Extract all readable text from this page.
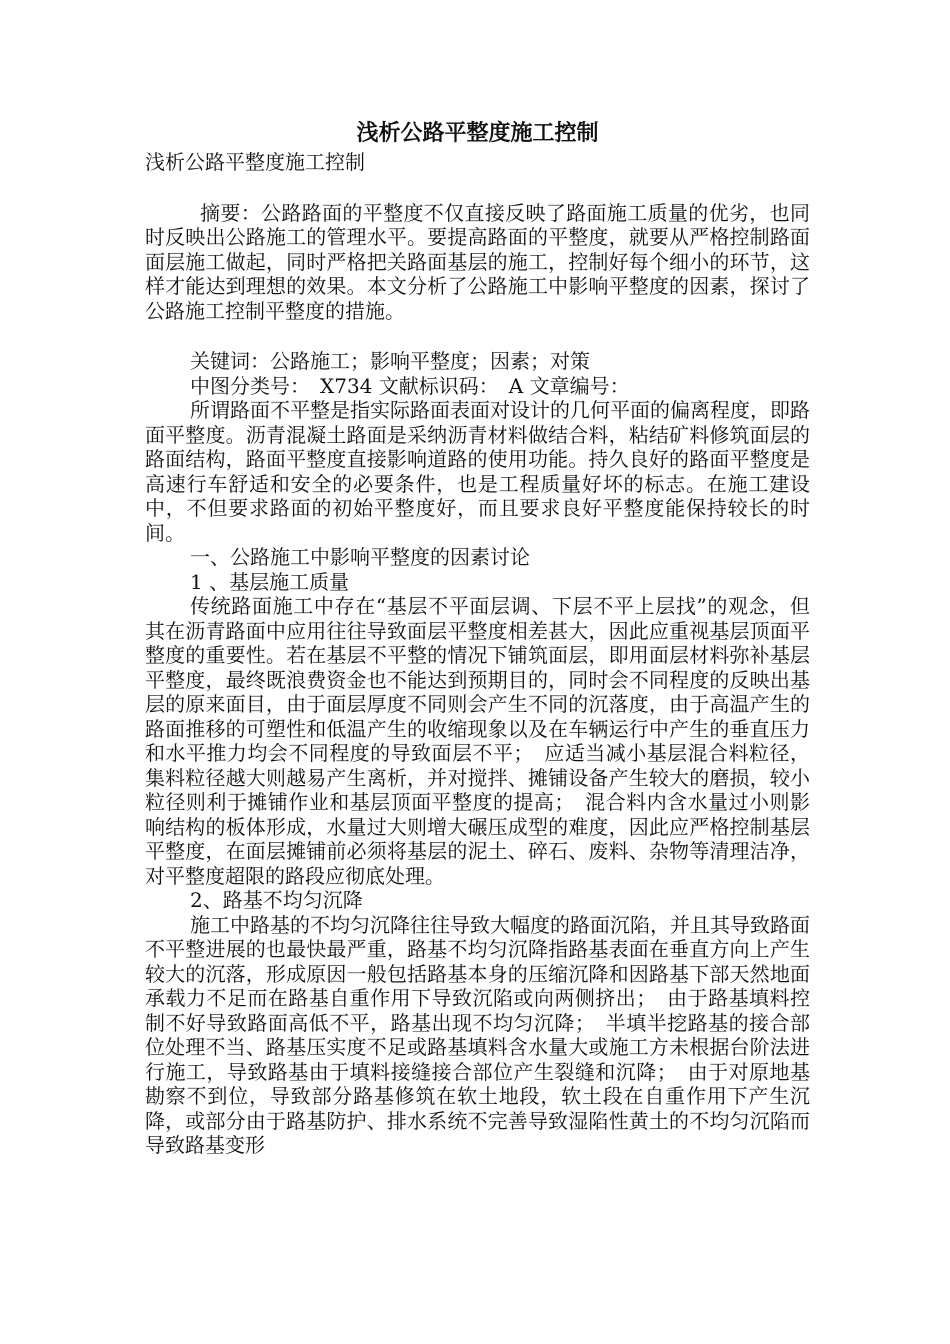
浅析公路平整度施工控制

浅析公路平整度施工控制

摘要：公路路面的平整度不仅直接反映了路面施工质量的优劣，也同时反映出公路施工的管理水平。要提高路面的平整度，就要从严格控制路面面层施工做起，同时严格把关路面基层的施工，控制好每个细小的环节，这样才能达到理想的效果。本文分析了公路施工中影响平整度的因素，探讨了公路施工控制平整度的措施。

关键词：公路施工；影响平整度；因素；对策

中图分类号：　X734 文献标识码：　A 文章编号：

所谓路面不平整是指实际路面表面对设计的几何平面的偏离程度，即路面平整度。沥青混凝土路面是采纳沥青材料做结合料，粘结矿料修筑面层的路面结构，路面平整度直接影响道路的使用功能。持久良好的路面平整度是高速行车舒适和安全的必要条件，也是工程质量好坏的标志。在施工建设中，不但要求路面的初始平整度好，而且要求良好平整度能保持较长的时间。

一、公路施工中影响平整度的因素讨论

1 、基层施工质量

传统路面施工中存在“基层不平面层调、下层不平上层找”的观念，但其在沥青路面中应用往往导致面层平整度相差甚大，因此应重视基层顶面平整度的重要性。若在基层不平整的情况下铺筑面层，即用面层材料弥补基层平整度，最终既浪费资金也不能达到预期目的，同时会不同程度的反映出基层的原来面目，由于面层厚度不同则会产生不同的沉落度，由于高温产生的路面推移的可塑性和低温产生的收缩现象以及在车辆运行中产生的垂直压力和水平推力均会不同程度的导致面层不平；　应适当减小基层混合料粒径，集料粒径越大则越易产生离析，并对搅拌、摊铺设备产生较大的磨损，较小粒径则利于摊铺作业和基层顶面平整度的提高；　混合料内含水量过小则影响结构的板体形成，水量过大则增大碾压成型的难度，因此应严格控制基层平整度，在面层摊铺前必须将基层的泥土、碎石、废料、杂物等清理洁净，对平整度超限的路段应彻底处理。

2、路基不均匀沉降

施工中路基的不均匀沉降往往导致大幅度的路面沉陷，并且其导致路面不平整进展的也最快最严重，路基不均匀沉降指路基表面在垂直方向上产生较大的沉落，形成原因一般包括路基本身的压缩沉降和因路基下部天然地面承载力不足而在路基自重作用下导致沉陷或向两侧挤出；　由于路基填料控制不好导致路面高低不平，路基出现不均匀沉降；　半填半挖路基的接合部位处理不当、路基压实度不足或路基填料含水量大或施工方未根据台阶法进行施工，导致路基由于填料接缝接合部位产生裂缝和沉降；　由于对原地基勘察不到位，导致部分路基修筑在软土地段，软土段在自重作用下产生沉降，或部分由于路基防护、排水系统不完善导致湿陷性黄土的不均匀沉陷而导致路基变形
